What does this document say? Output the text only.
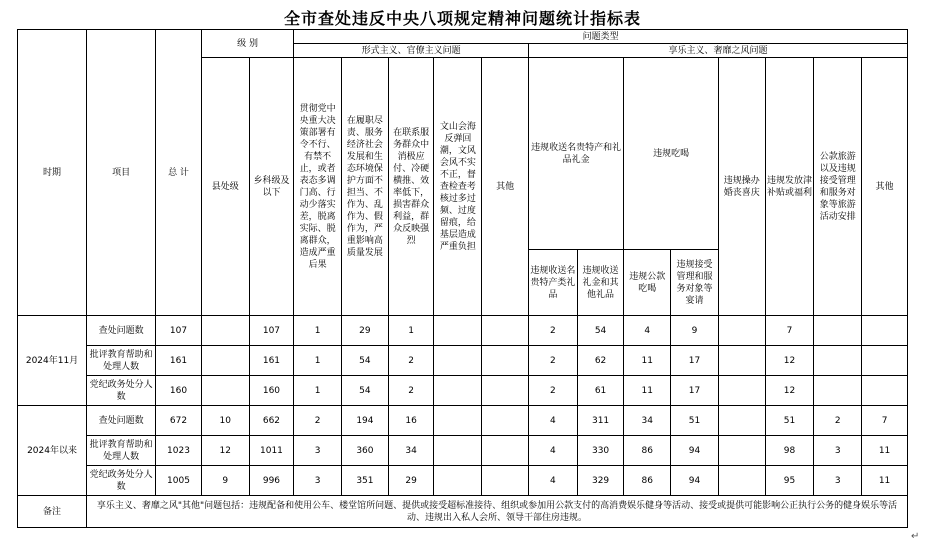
全市查处违反中央八项规定精神问题统计指标表
时期	项目	总 计	级 别		问题类型												
					形式主义、官僚主义问题					享乐主义、奢靡之风问题							
			县处级	乡科级及以下	贯彻党中央重大决策部署有令不行、有禁不止，或者表态多调门高、行动少落实差，脱离实际、脱离群众，造成严重后果	在履职尽责、服务经济社会发展和生态环境保护方面不担当、不作为、乱作为、假作为，严重影响高质量发展	在联系服务群众中消极应付、冷硬横推、效率低下，损害群众利益，群众反映强烈	文山会海反弹回潮，文风会风不实不正，督查检查考核过多过频、过度留痕，给基层造成严重负担	其他	违规收送名贵特产和礼品礼金		违规吃喝		违规操办婚丧喜庆	违规发放津补贴或福利	公款旅游以及违规接受管理和服务对象等旅游活动安排	其他

										违规收送名贵特产类礼品	违规收送礼金和其他礼品	违规公款吃喝	违规接受管理和服务对象等宴请				
2024年11月	查处问题数	107		107	1	29	1			2	54	4	9		7		
	批评教育帮助和处理人数	161		161	1	54	2			2	62	11	17		12		
	党纪政务处分人数	160		160	1	54	2			2	61	11	17		12		
2024年以来	查处问题数	672	10	662	2	194	16			4	311	34	51		51	2	7
	批评教育帮助和处理人数	1023	12	1011	3	360	34			4	330	86	94		98	3	11
	党纪政务处分人数	1005	9	996	3	351	29			4	329	86	94		95	3	11
备注	享乐主义、奢靡之风"其他"问题包括：违规配备和使用公车、楼堂馆所问题、提供或接受超标准接待、组织或参加用公款支付的高消费娱乐健身等活动、接受或提供可能影响公正执行公务的健身娱乐等活动、违规出入私人会所、领导干部住房违规。																
↵
